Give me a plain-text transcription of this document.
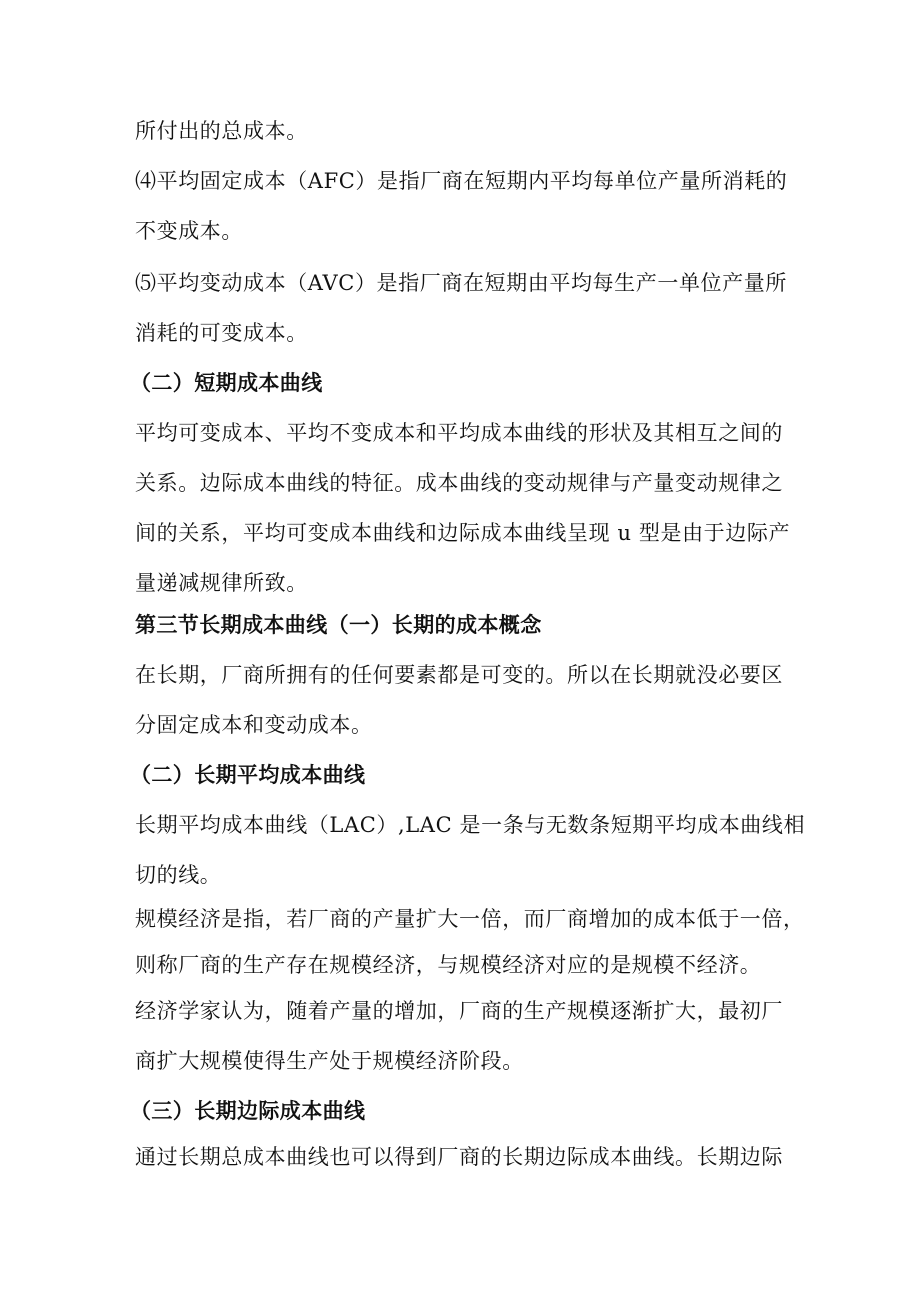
所付出的总成本。
⑷平均固定成本（AFC）是指厂商在短期内平均每单位产量所消耗的
不变成本。
⑸平均变动成本（AVC）是指厂商在短期由平均每生产一单位产量所
消耗的可变成本。
（二）短期成本曲线
平均可变成本、平均不变成本和平均成本曲线的形状及其相互之间的
关系。边际成本曲线的特征。成本曲线的变动规律与产量变动规律之
间的关系，平均可变成本曲线和边际成本曲线呈现 u 型是由于边际产
量递减规律所致。
第三节长期成本曲线（一）长期的成本概念
在长期，厂商所拥有的任何要素都是可变的。所以在长期就没必要区
分固定成本和变动成本。
（二）长期平均成本曲线
长期平均成本曲线（LAC）,LAC 是一条与无数条短期平均成本曲线相
切的线。
规模经济是指，若厂商的产量扩大一倍，而厂商增加的成本低于一倍，
则称厂商的生产存在规模经济，与规模经济对应的是规模不经济。
经济学家认为，随着产量的增加，厂商的生产规模逐渐扩大，最初厂
商扩大规模使得生产处于规模经济阶段。
（三）长期边际成本曲线
通过长期总成本曲线也可以得到厂商的长期边际成本曲线。长期边际
